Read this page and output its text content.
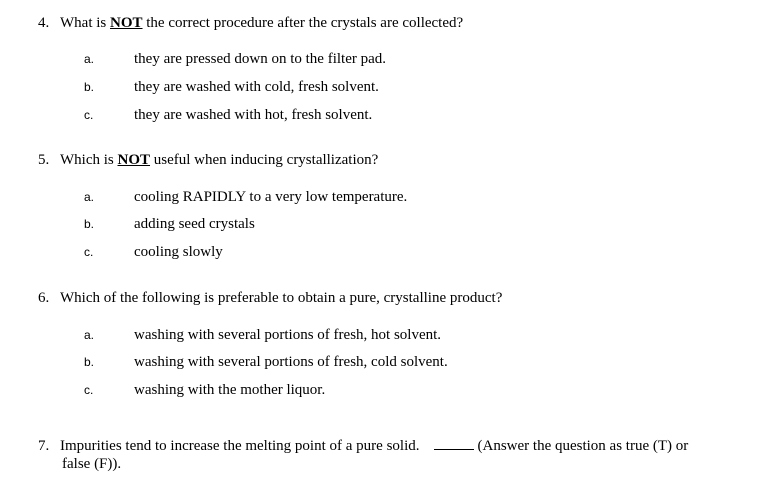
4. What is NOT the correct procedure after the crystals are collected?
a.	they are pressed down on to the filter pad.
b.	they are washed with cold, fresh solvent.
c.	they are washed with hot, fresh solvent.
5. Which is NOT useful when inducing crystallization?
a.	cooling RAPIDLY to a very low temperature.
b.	adding seed crystals
c.	cooling slowly
6. Which of the following is preferable to obtain a pure, crystalline product?
a.	washing with several portions of fresh, hot solvent.
b.	washing with several portions of fresh, cold solvent.
c.	washing with the mother liquor.
7. Impurities tend to increase the melting point of a pure solid.	(Answer the question as true (T) or
false (F)).
